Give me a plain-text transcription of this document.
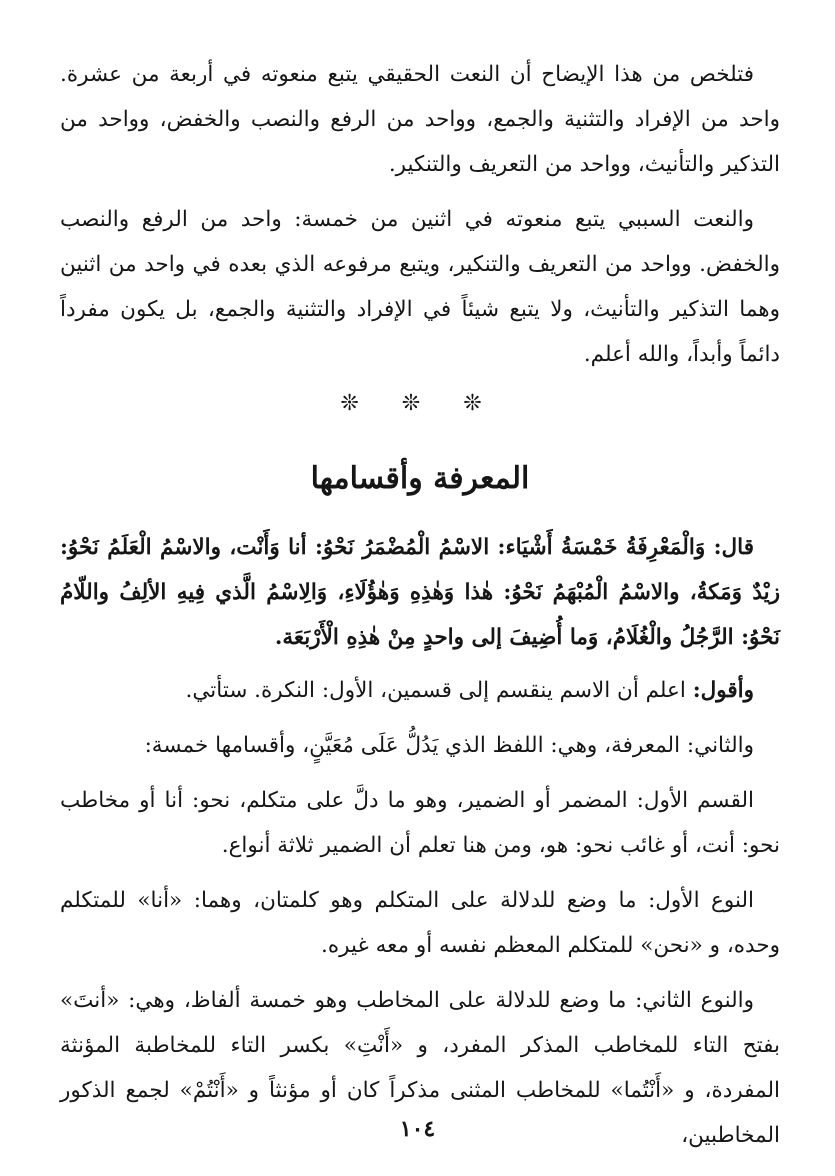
فتلخص من هذا الإيضاح أن النعت الحقيقي يتبع منعوته في أربعة من عشرة. واحد من الإفراد والتثنية والجمع، وواحد من الرفع والنصب والخفض، وواحد من التذكير والتأنيث، وواحد من التعريف والتنكير.

والنعت السببي يتبع منعوته في اثنين من خمسة: واحد من الرفع والنصب والخفض. وواحد من التعريف والتنكير، ويتبع مرفوعه الذي بعده في واحد من اثنين وهما التذكير والتأنيث، ولا يتبع شيئاً في الإفراد والتثنية والجمع، بل يكون مفرداً دائماً وأبداً، والله أعلم.

❊ ❊ ❊
المعرفة وأقسامها

قال: وَالْمَعْرِفَةُ خَمْسَةُ أَشْيَاء: الاسْمُ الْمُضْمَرُ نَحْوُ: أنا وَأَنْت، والاسْمُ الْعَلَمُ نَحْوُ: زيْدٌ وَمَكةُ، والاسْمُ الْمُبْهَمُ نَحْوُ: هٰذا وَهٰذِهِ وَهٰؤُلَاءِ، وَالِاسْمُ الَّذي فِيهِ الألِفُ واللّامُ نَحْوُ: الرَّجُلُ والْغُلَامُ، وَما أُضِيفَ إلى واحدٍ مِنْ هٰذِهِ الْأَرْبَعَة.

وأقول: اعلم أن الاسم ينقسم إلى قسمين، الأول: النكرة. ستأتي.

والثاني: المعرفة، وهي: اللفظ الذي يَدُلُّ عَلَى مُعَيَّنٍ، وأقسامها خمسة:

القسم الأول: المضمر أو الضمير، وهو ما دلَّ على متكلم، نحو: أنا أو مخاطب نحو: أنت، أو غائب نحو: هو، ومن هنا تعلم أن الضمير ثلاثة أنواع.

النوع الأول: ما وضع للدلالة على المتكلم وهو كلمتان، وهما: «أنا» للمتكلم وحده، و «نحن» للمتكلم المعظم نفسه أو معه غيره.

والنوع الثاني: ما وضع للدلالة على المخاطب وهو خمسة ألفاظ، وهي: «أنتَ» بفتح التاء للمخاطب المذكر المفرد، و «أَنْتِ» بكسر التاء للمخاطبة المؤنثة المفردة، و «أَنْتُما» للمخاطب المثنى مذكراً كان أو مؤنثاً و «أَنْتُمْ» لجمع الذكور المخاطبين،

١٠٤
